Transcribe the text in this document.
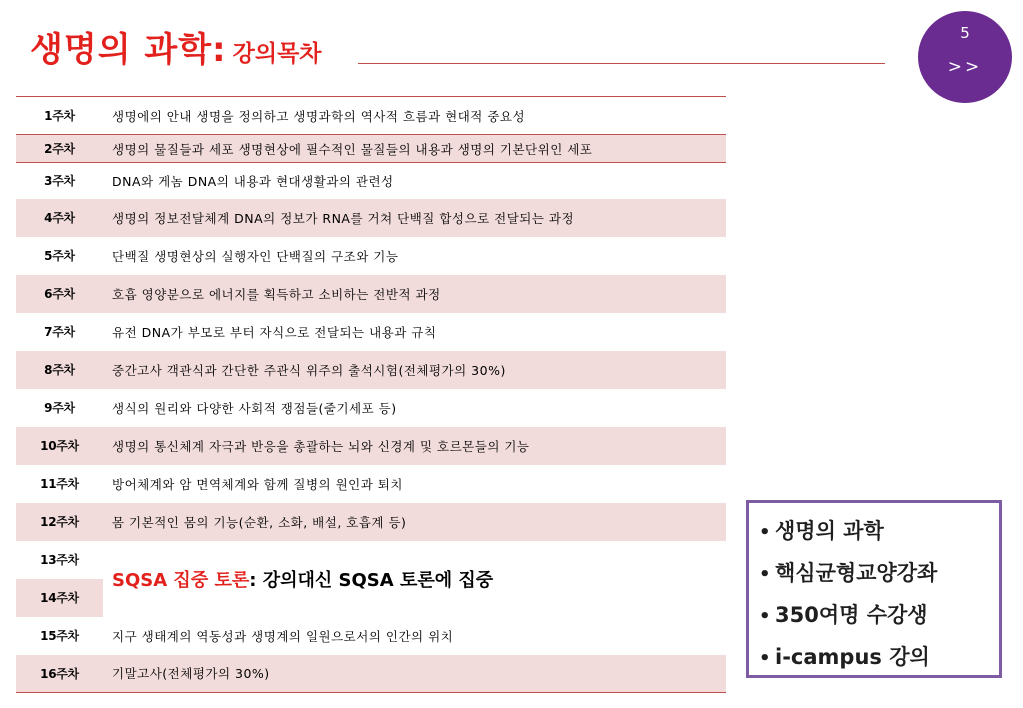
생명의 과학: 강의목차
5
>>
1주차	생명에의 안내 생명을 정의하고 생명과학의 역사적 흐름과 현대적 중요성
2주차	생명의 물질들과 세포 생명현상에 필수적인 물질들의 내용과 생명의 기본단위인 세포
3주차	DNA와 게놈 DNA의 내용과 현대생활과의 관련성
4주차	생명의 정보전달체계 DNA의 정보가 RNA를 거쳐 단백질 합성으로 전달되는 과정
5주차	단백질 생명현상의 실행자인 단백질의 구조와 기능
6주차	호흡 영양분으로 에너지를 획득하고 소비하는 전반적 과정
7주차	유전 DNA가 부모로 부터 자식으로 전달되는 내용과 규칙
8주차	중간고사 객관식과 간단한 주관식 위주의 출석시험(전체평가의 30%)
9주차	생식의 원리와 다양한 사회적 쟁점들(줄기세포 등)
10주차	생명의 통신체계 자극과 반응을 총괄하는 뇌와 신경계 및 호르몬들의 기능
11주차	방어체계와 암 면역체계와 함께 질병의 원인과 퇴치
12주차	몸 기본적인 몸의 기능(순환, 소화, 배설, 호흡계 등)
13주차	SQSA 집중 토론: 강의대신 SQSA 토론에 집중
14주차	
15주차	지구 생태계의 역동성과 생명계의 일원으로서의 인간의 위치
16주차	기말고사(전체평가의 30%)
• 생명의 과학
• 핵심균형교양강좌
• 350여명 수강생
• i-campus 강의
